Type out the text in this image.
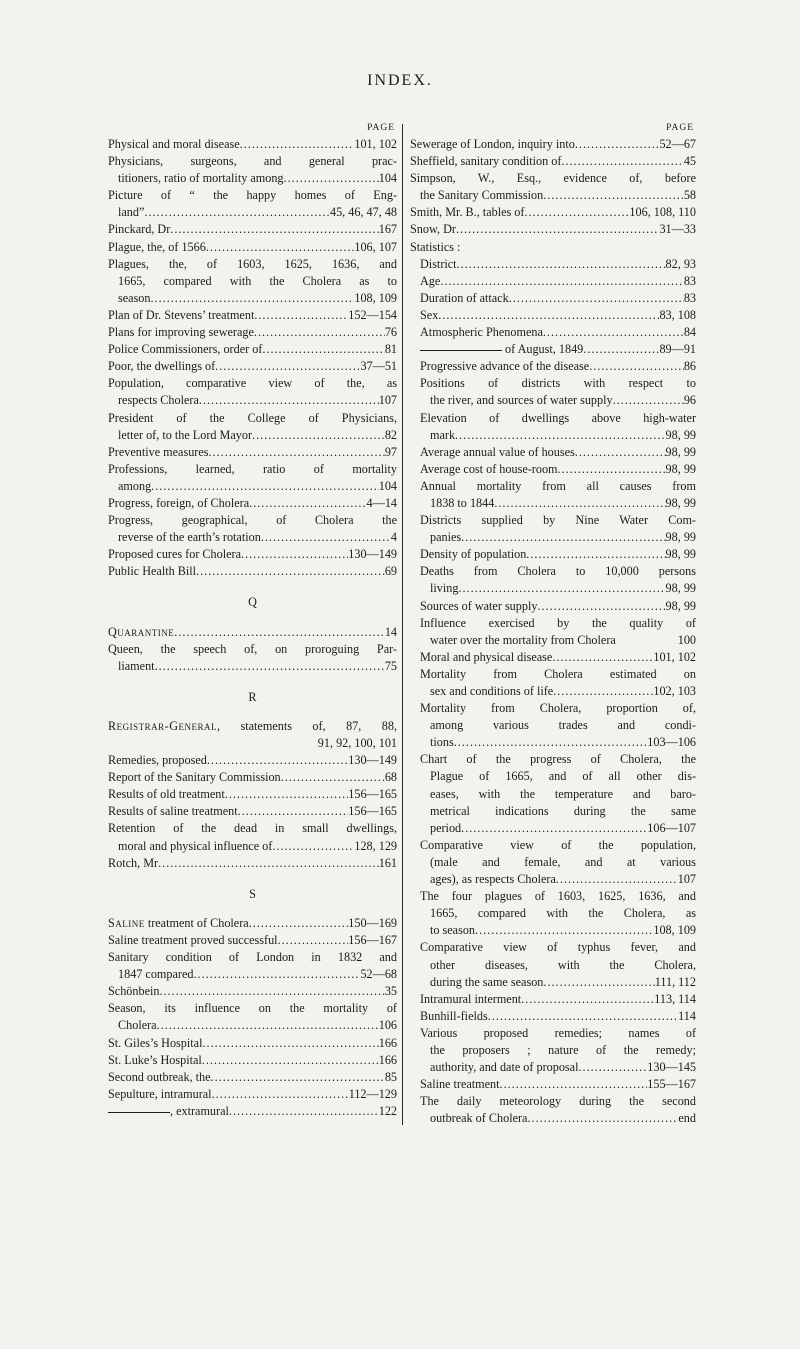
INDEX.
PAGE
Physical and moral disease .....	101, 102
Physicians, surgeons, and general prac-
titioners, ratio of mortality among .....	104
Picture of “ the happy homes of Eng-
land” .....	45, 46, 47, 48
Pinckard, Dr .....	167
Plague, the, of 1566 .....	106, 107
Plagues, the, of 1603, 1625, 1636, and
1665, compared with the Cholera as to
season .....	108, 109
Plan of Dr. Stevens’ treatment .....	152—154
Plans for improving sewerage .....	76
Police Commissioners, order of .....	81
Poor, the dwellings of .....	37—51
Population, comparative view of the, as
respects Cholera .....	107
President of the College of Physicians,
letter of, to the Lord Mayor .....	82
Preventive measures .....	97
Professions, learned, ratio of mortality
among .....	104
Progress, foreign, of Cholera .....	4—14
Progress, geographical, of Cholera the
reverse of the earth’s rotation .....	4
Proposed cures for Cholera .....	130—149
Public Health Bill .....	69
Q
Quarantine .....	14
Queen, the speech of, on proroguing Par-
liament .....	75
R
Registrar-General, statements of, 87, 88,
91, 92, 100, 101
Remedies, proposed .....	130—149
Report of the Sanitary Commission .....	68
Results of old treatment .....	156—165
Results of saline treatment .....	156—165
Retention of the dead in small dwellings,
moral and physical influence of .....	128, 129
Rotch, Mr .....	161
S
Saline treatment of Cholera .....	150—169
Saline treatment proved successful .....	156—167
Sanitary condition of London in 1832 and
1847 compared .....	52—68
Schönbein .....	35
Season, its influence on the mortality of
Cholera .....	106
St. Giles’s Hospital .....	166
St. Luke’s Hospital .....	166
Second outbreak, the .....	85
Sepulture, intramural .....	112—129
, extramural .....	122
PAGE
Sewerage of London, inquiry into .....	52—67
Sheffield, sanitary condition of .....	45
Simpson, W., Esq., evidence of, before
the Sanitary Commission .....	58
Smith, Mr. B., tables of .....	106, 108, 110
Snow, Dr .....	31—33
Statistics :
District .....	82, 93
Age .....	83
Duration of attack .....	83
Sex .....	83, 108
Atmospheric Phenomena .....	84
of August, 1849 .....	89—91
Progressive advance of the disease .....	86
Positions of districts with respect to
the river, and sources of water supply .....	96
Elevation of dwellings above high-water
mark .....	98, 99
Average annual value of houses .....	98, 99
Average cost of house-room .....	98, 99
Annual mortality from all causes from
1838 to 1844 .....	98, 99
Districts supplied by Nine Water Com-
panies .....	98, 99
Density of population .....	98, 99
Deaths from Cholera to 10,000 persons
living .....	98, 99
Sources of water supply .....	98, 99
Influence exercised by the quality of
water over the mortality from Cholera	100
Moral and physical disease .....	101, 102
Mortality from Cholera estimated on
sex and conditions of life .....	102, 103
Mortality from Cholera, proportion of,
among various trades and condi-
tions .....	103—106
Chart of the progress of Cholera, the
Plague of 1665, and of all other dis-
eases, with the temperature and baro-
metrical indications during the same
period .....	106—107
Comparative view of the population,
(male and female, and at various
ages), as respects Cholera .....	107
The four plagues of 1603, 1625, 1636, and
1665, compared with the Cholera, as
to season .....	108, 109
Comparative view of typhus fever, and
other diseases, with the Cholera,
during the same season .....	111, 112
Intramural interment .....	113, 114
Bunhill-fields .....	114
Various proposed remedies; names of
the proposers ; nature of the remedy;
authority, and date of proposal .....	130—145
Saline treatment .....	155—167
The daily meteorology during the second
outbreak of Cholera .....	end
